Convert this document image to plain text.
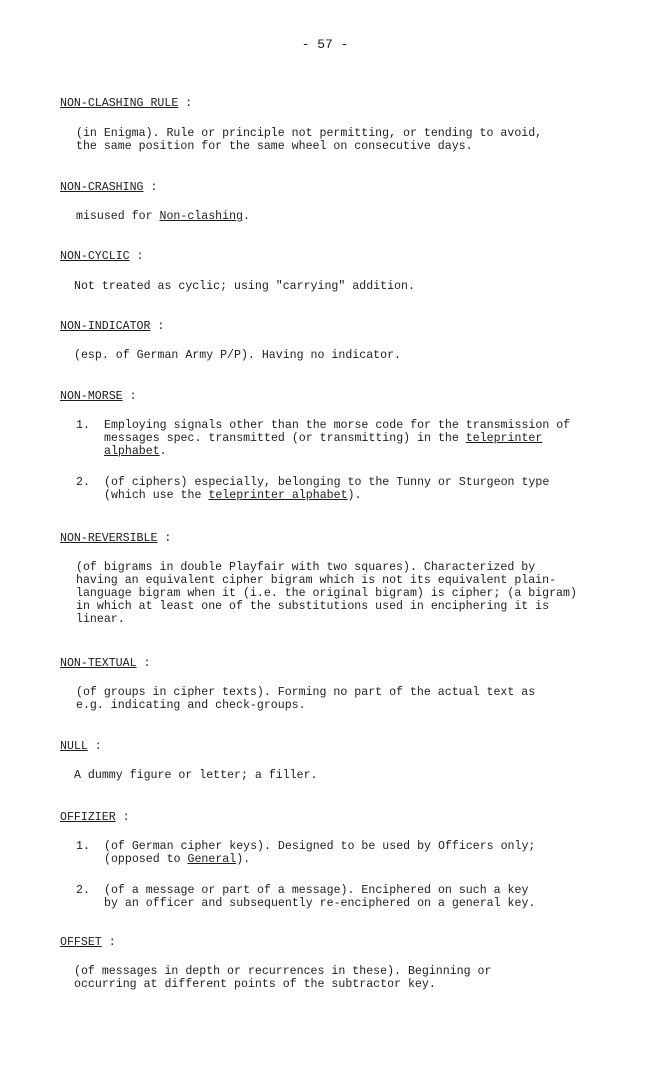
- 57 -
NON-CLASHING RULE :
(in Enigma). Rule or principle not permitting, or tending to avoid,
the same position for the same wheel on consecutive days.
NON-CRASHING :
misused for Non-clashing.
NON-CYCLIC :
Not treated as cyclic; using "carrying" addition.
NON-INDICATOR :
(esp. of German Army P/P). Having no indicator.
NON-MORSE :
1. Employing signals other than the morse code for the transmission of
messages spec. transmitted (or transmitting) in the teleprinter
alphabet.
2. (of ciphers) especially, belonging to the Tunny or Sturgeon type
(which use the teleprinter alphabet).
NON-REVERSIBLE :
(of bigrams in double Playfair with two squares). Characterized by
having an equivalent cipher bigram which is not its equivalent plain-
language bigram when it (i.e. the original bigram) is cipher; (a bigram)
in which at least one of the substitutions used in enciphering it is
linear.
NON-TEXTUAL :
(of groups in cipher texts). Forming no part of the actual text as
e.g. indicating and check-groups.
NULL :
A dummy figure or letter; a filler.
OFFIZIER :
1. (of German cipher keys). Designed to be used by Officers only;
(opposed to General).
2. (of a message or part of a message). Enciphered on such a key
by an officer and subsequently re-enciphered on a general key.
OFFSET :
(of messages in depth or recurrences in these). Beginning or
occurring at different points of the subtractor key.
